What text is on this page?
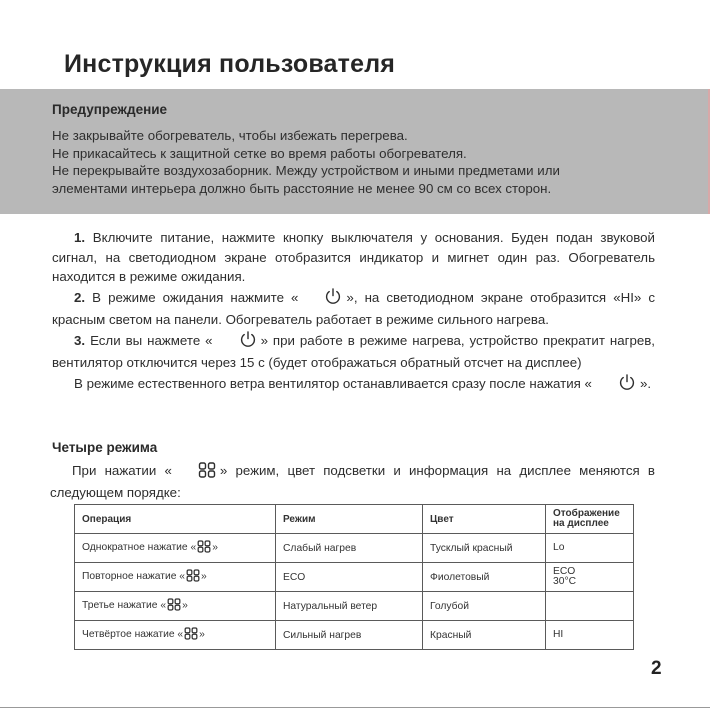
Инструкция пользователя
Предупреждение
Не закрывайте обогреватель, чтобы избежать перегрева.
Не прикасайтесь к защитной сетке во время работы обогревателя.
Не перекрывайте воздухозаборник. Между устройством и иными предметами или
элементами интерьера должно быть расстояние не менее 90 см со всех сторон.
1. Включите питание, нажмите кнопку выключателя у основания. Буден подан звуковой сигнал, на светодиодном экране отобразится индикатор и мигнет один раз. Обогреватель находится в режиме ожидания.
2. В режиме ожидания нажмите «	», на светодиодном экране отобразится «HI» с красным светом на панели. Обогреватель работает в режиме сильного нагрева.
3. Если вы нажмете «	» при работе в режиме нагрева, устройство прекратит нагрев, вентилятор отключится через 15 с (будет отображаться обратный отсчет на дисплее)
В режиме естественного ветра вентилятор останавливается сразу после нажатия «	».
Четыре режима
При нажатии «	» режим, цвет подсветки и информация на дисплее меняются в следующем порядке:
Операция	Режим	Цвет	Отображение на дисплее

Однократное нажатие « »	Слабый нагрев	Тусклый красный	Lo

Повторное нажатие « »	ECO	Фиолетовый	ECO
30°C

Третье нажатие « »	Натуральный ветер	Голубой	

Четвёртое нажатие « »	Сильный нагрев	Красный	HI
2
